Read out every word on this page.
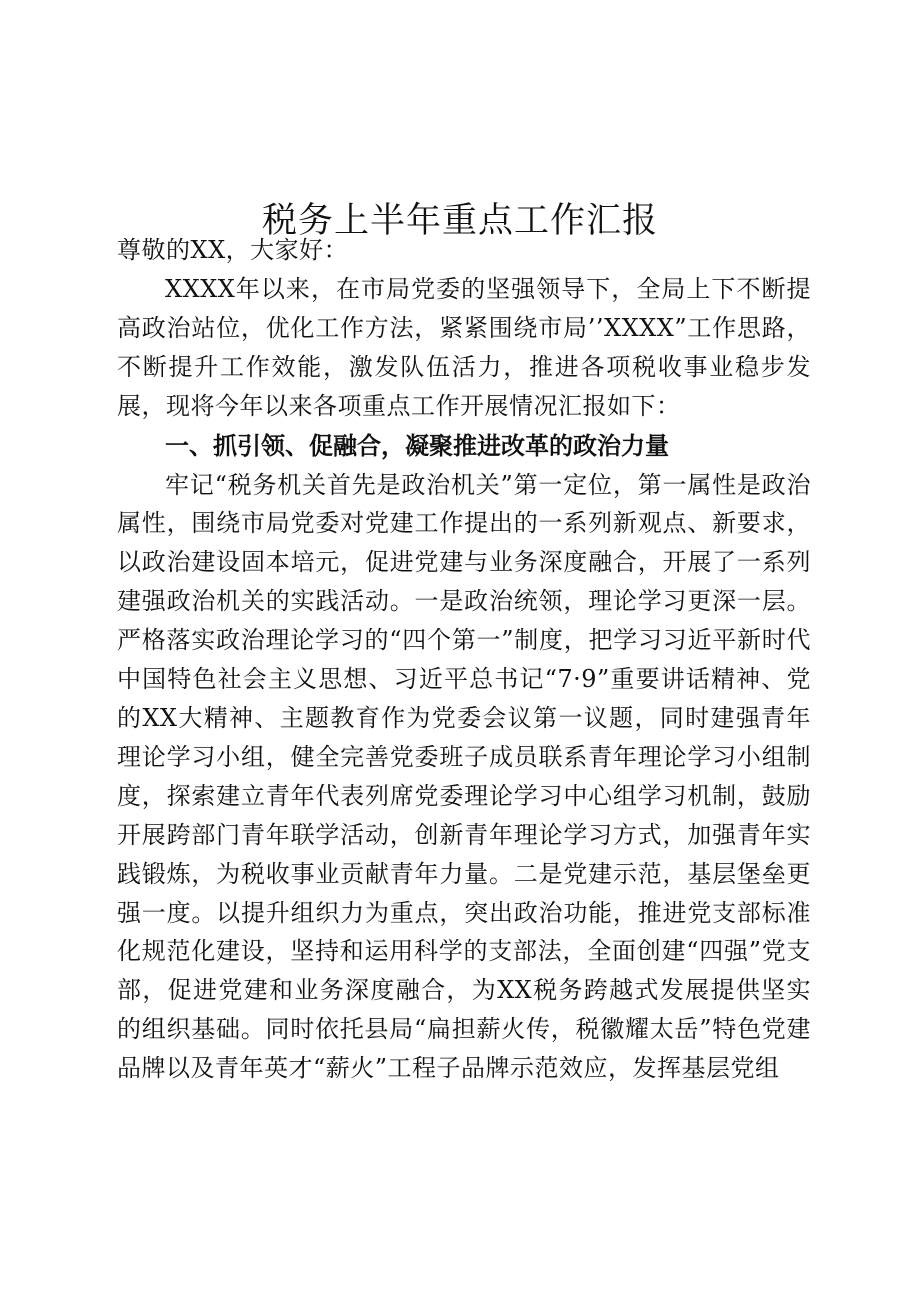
税务上半年重点工作汇报

尊敬的XX，大家好：

XXXX年以来，在市局党委的坚强领导下，全局上下不断提高政治站位，优化工作方法，紧紧围绕市局’’XXXX”工作思路，不断提升工作效能，激发队伍活力，推进各项税收事业稳步发展，现将今年以来各项重点工作开展情况汇报如下：

一、抓引领、促融合，凝聚推进改革的政治力量

牢记“税务机关首先是政治机关”第一定位，第一属性是政治属性，围绕市局党委对党建工作提出的一系列新观点、新要求，以政治建设固本培元，促进党建与业务深度融合，开展了一系列建强政治机关的实践活动。一是政治统领，理论学习更深一层。严格落实政治理论学习的“四个第一”制度，把学习习近平新时代中国特色社会主义思想、习近平总书记“7·9”重要讲话精神、党的XX大精神、主题教育作为党委会议第一议题，同时建强青年理论学习小组，健全完善党委班子成员联系青年理论学习小组制度，探索建立青年代表列席党委理论学习中心组学习机制，鼓励开展跨部门青年联学活动，创新青年理论学习方式，加强青年实践锻炼，为税收事业贡献青年力量。二是党建示范，基层堡垒更强一度。以提升组织力为重点，突出政治功能，推进党支部标准化规范化建设，坚持和运用科学的支部法，全面创建“四强”党支部，促进党建和业务深度融合，为XX税务跨越式发展提供坚实的组织基础。同时依托县局“扁担薪火传，税徽耀太岳”特色党建品牌以及青年英才“薪火”工程子品牌示范效应，发挥基层党组
